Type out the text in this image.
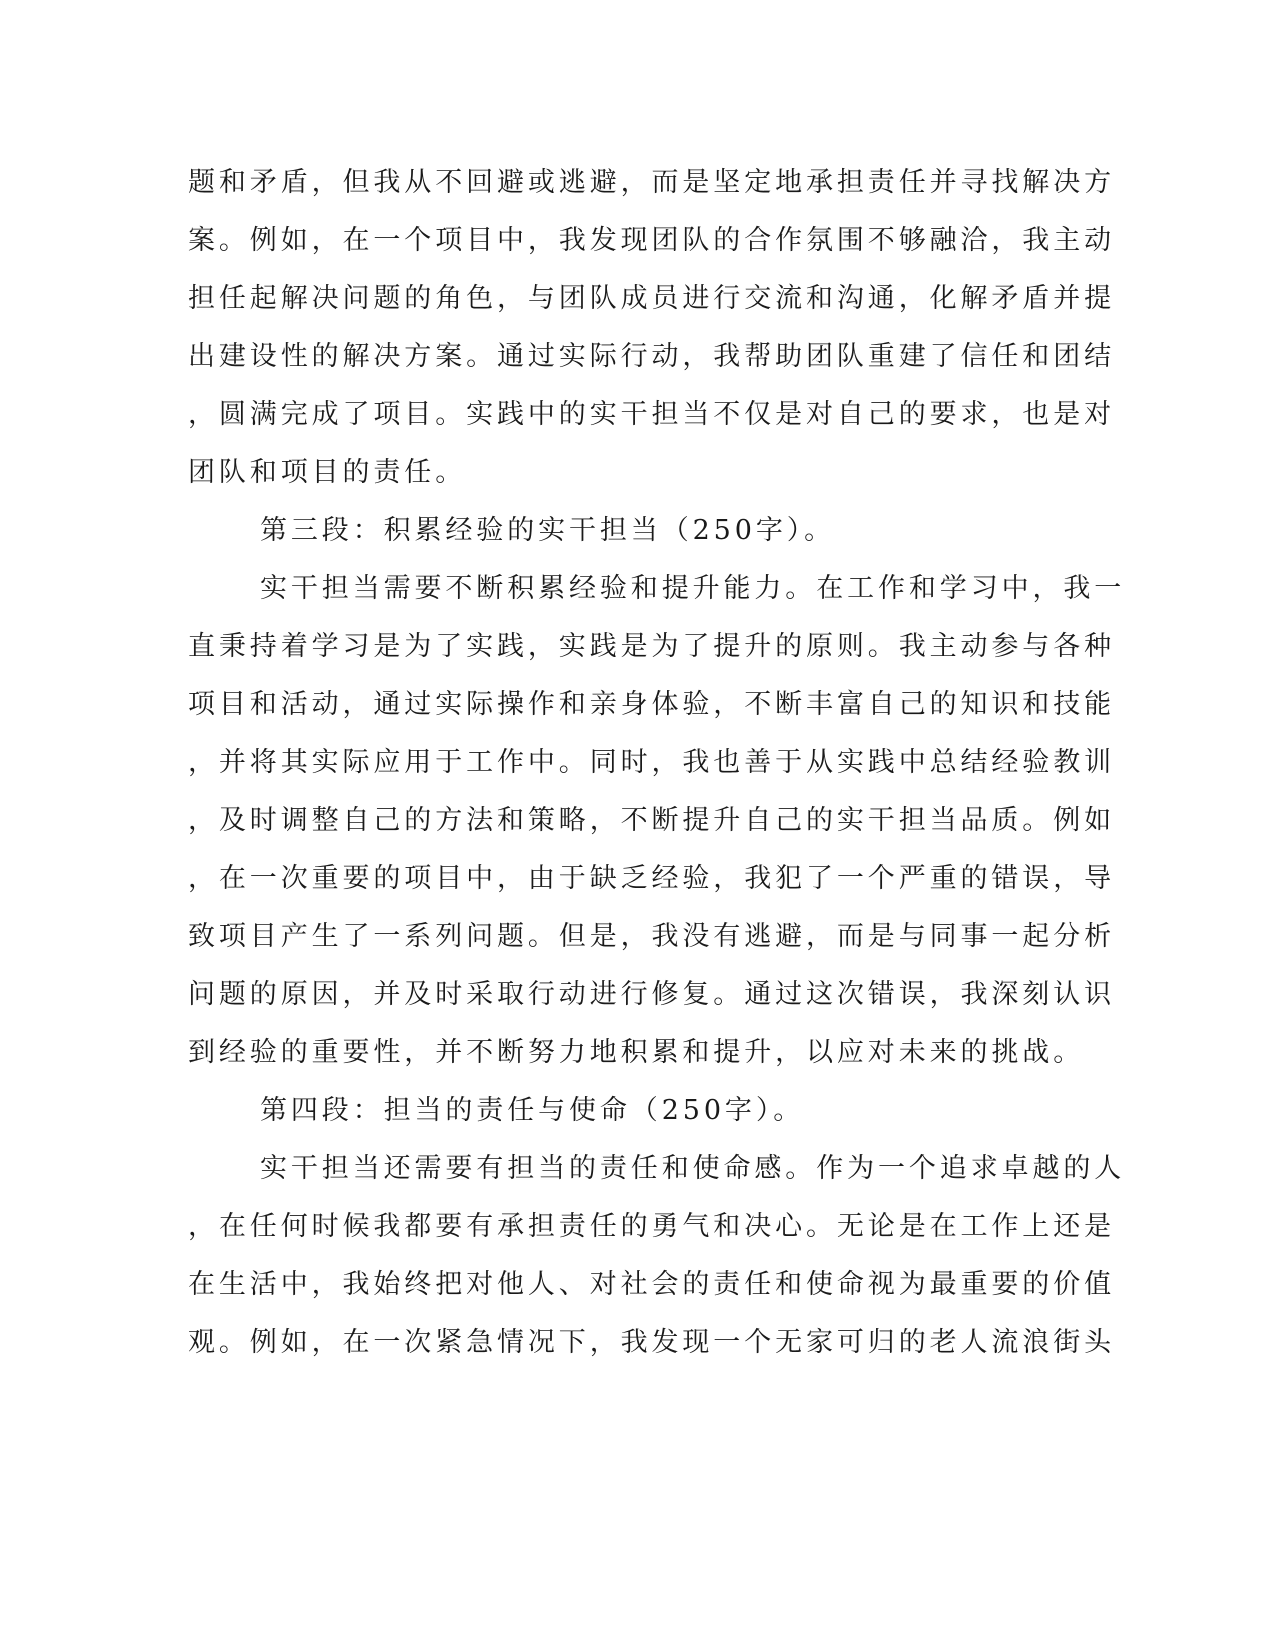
题和矛盾，但我从不回避或逃避，而是坚定地承担责任并寻找解决方
案。例如，在一个项目中，我发现团队的合作氛围不够融洽，我主动
担任起解决问题的角色，与团队成员进行交流和沟通，化解矛盾并提
出建设性的解决方案。通过实际行动，我帮助团队重建了信任和团结
，圆满完成了项目。实践中的实干担当不仅是对自己的要求，也是对
团队和项目的责任。
第三段：积累经验的实干担当（250字）。
实干担当需要不断积累经验和提升能力。在工作和学习中，我一
直秉持着学习是为了实践，实践是为了提升的原则。我主动参与各种
项目和活动，通过实际操作和亲身体验，不断丰富自己的知识和技能
，并将其实际应用于工作中。同时，我也善于从实践中总结经验教训
，及时调整自己的方法和策略，不断提升自己的实干担当品质。例如
，在一次重要的项目中，由于缺乏经验，我犯了一个严重的错误，导
致项目产生了一系列问题。但是，我没有逃避，而是与同事一起分析
问题的原因，并及时采取行动进行修复。通过这次错误，我深刻认识
到经验的重要性，并不断努力地积累和提升，以应对未来的挑战。
第四段：担当的责任与使命（250字）。
实干担当还需要有担当的责任和使命感。作为一个追求卓越的人
，在任何时候我都要有承担责任的勇气和决心。无论是在工作上还是
在生活中，我始终把对他人、对社会的责任和使命视为最重要的价值
观。例如，在一次紧急情况下，我发现一个无家可归的老人流浪街头
